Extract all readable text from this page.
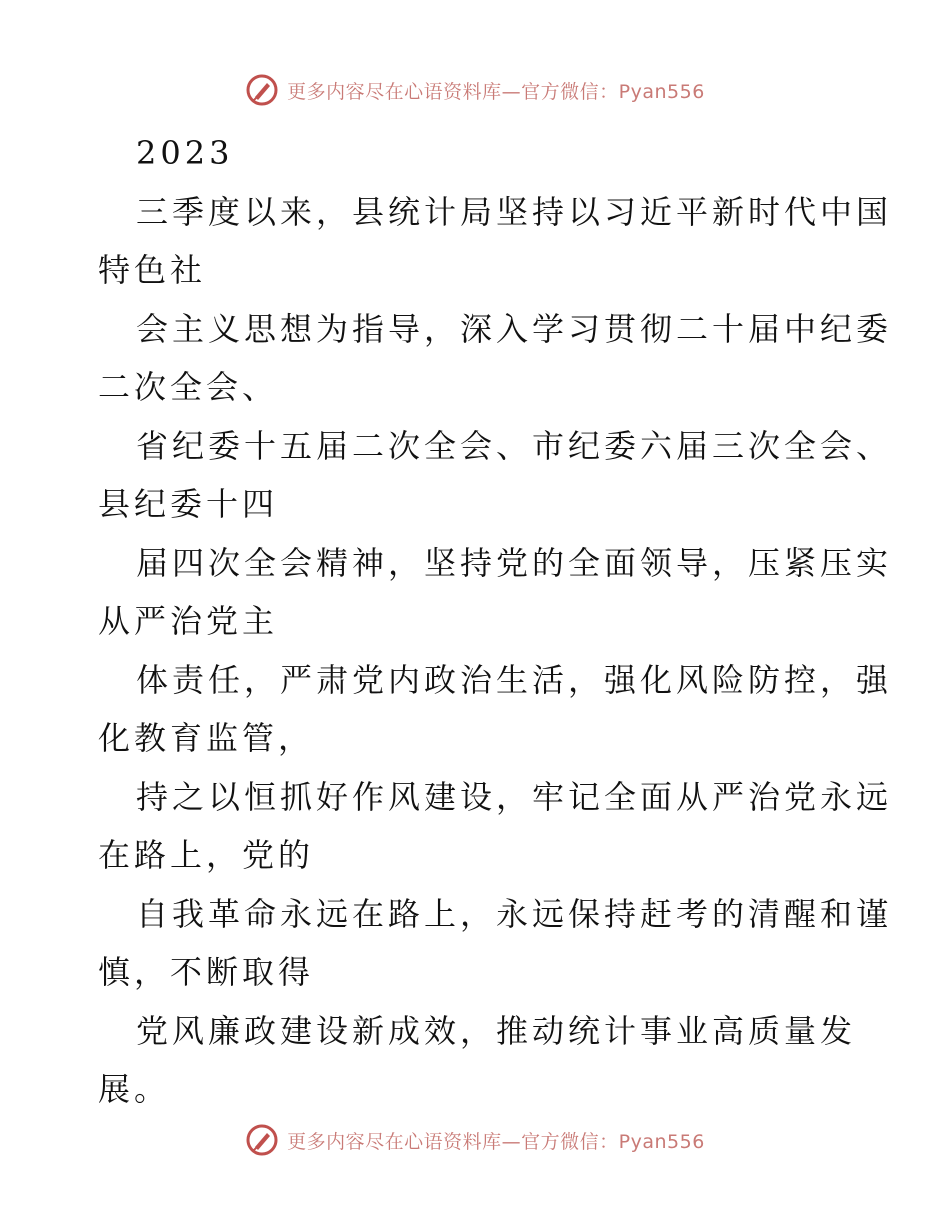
更多内容尽在心语资料库—官方微信：Pyan556
2023
三季度以来，县统计局坚持以习近平新时代中国
特色社
会主义思想为指导，深入学习贯彻二十届中纪委
二次全会、
省纪委十五届二次全会、市纪委六届三次全会、
县纪委十四
届四次全会精神，坚持党的全面领导，压紧压实
从严治党主
体责任，严肃党内政治生活，强化风险防控，强
化教育监管，
持之以恒抓好作风建设，牢记全面从严治党永远
在路上，党的
自我革命永远在路上，永远保持赶考的清醒和谨
慎，不断取得
党风廉政建设新成效，推动统计事业高质量发
展。
更多内容尽在心语资料库—官方微信：Pyan556
